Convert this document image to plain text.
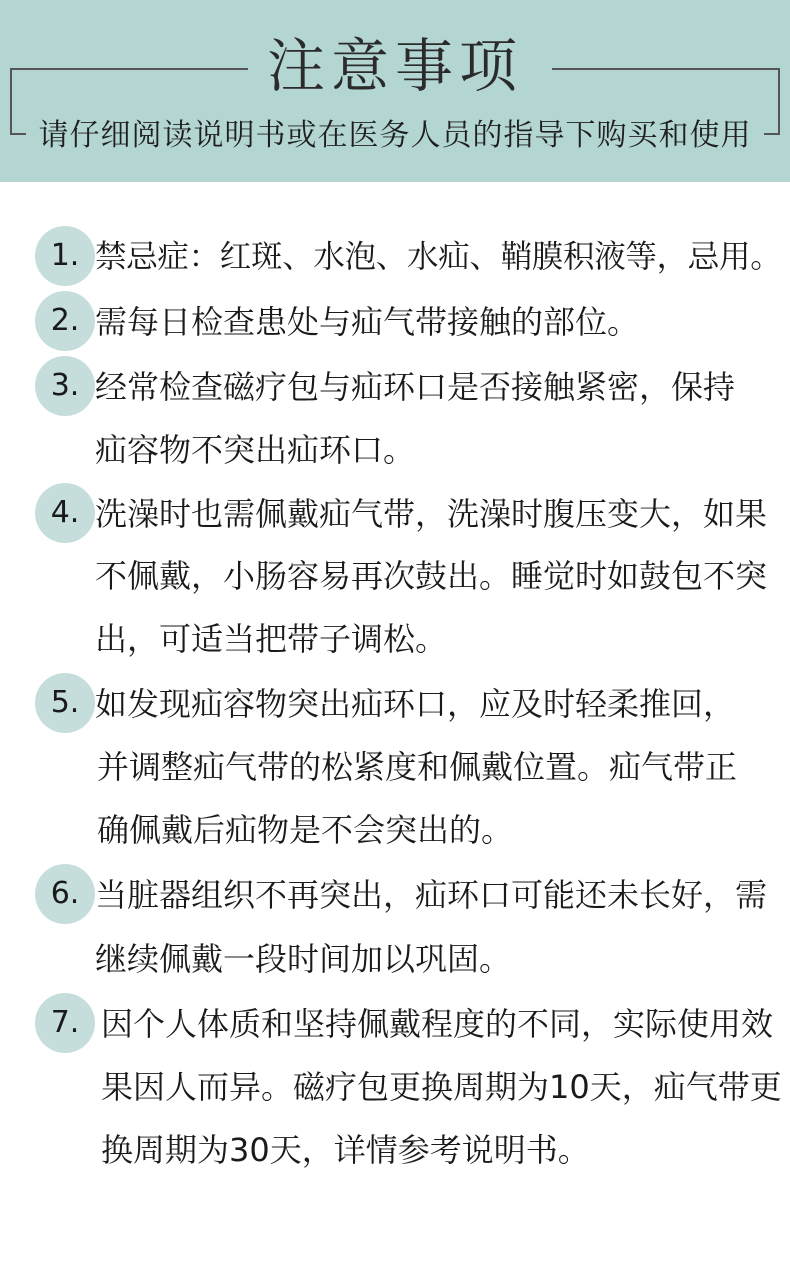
注意事项
请仔细阅读说明书或在医务人员的指导下购买和使用
1. 禁忌症：红斑、水泡、水疝、鞘膜积液等，忌用。
2. 需每日检查患处与疝气带接触的部位。
3. 经常检查磁疗包与疝环口是否接触紧密，保持
疝容物不突出疝环口。
4. 洗澡时也需佩戴疝气带，洗澡时腹压变大，如果
不佩戴，小肠容易再次鼓出。睡觉时如鼓包不突
出，可适当把带子调松。
5. 如发现疝容物突出疝环口，应及时轻柔推回，
并调整疝气带的松紧度和佩戴位置。疝气带正
确佩戴后疝物是不会突出的。
6. 当脏器组织不再突出，疝环口可能还未长好，需
继续佩戴一段时间加以巩固。
7. 因个人体质和坚持佩戴程度的不同，实际使用效
果因人而异。磁疗包更换周期为10天，疝气带更
换周期为30天，详情参考说明书。
